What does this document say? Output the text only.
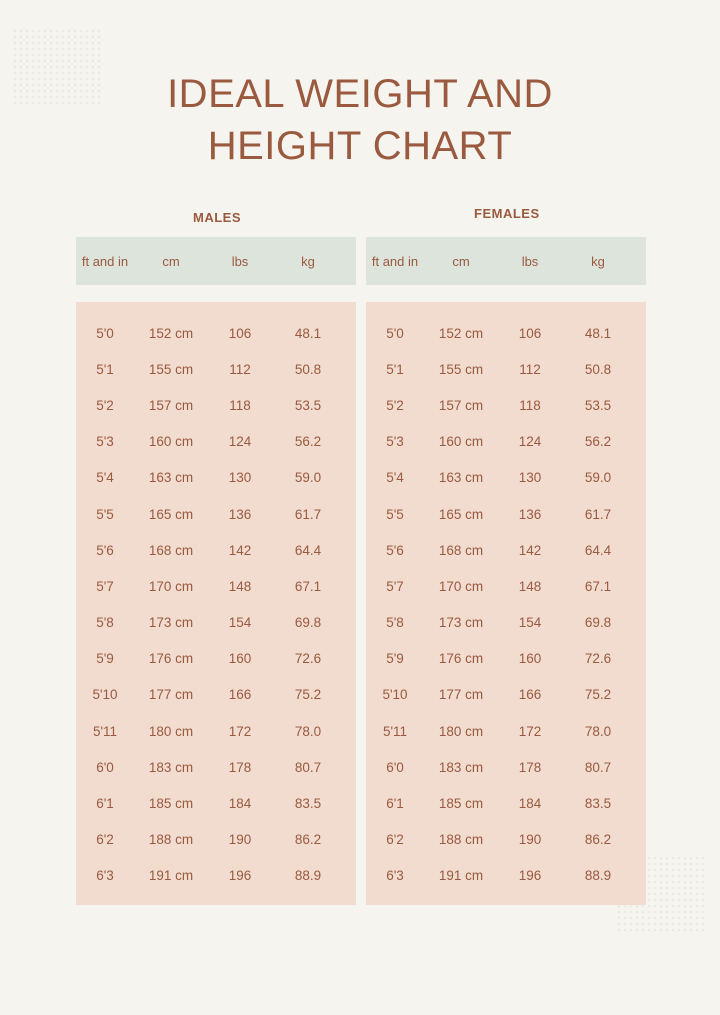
IDEAL WEIGHT AND
HEIGHT CHART
MALES	FEMALES
ft and in	cm	lbs	kg
5'0	152 cm	106	48.1
5'1	155 cm	112	50.8
5'2	157 cm	118	53.5
5'3	160 cm	124	56.2
5'4	163 cm	130	59.0
5'5	165 cm	136	61.7
5'6	168 cm	142	64.4
5'7	170 cm	148	67.1
5'8	173 cm	154	69.8
5'9	176 cm	160	72.6
5'10	177 cm	166	75.2
5'11	180 cm	172	78.0
6'0	183 cm	178	80.7
6'1	185 cm	184	83.5
6'2	188 cm	190	86.2
6'3	191 cm	196	88.9
ft and in	cm	lbs	kg
5'0	152 cm	106	48.1
5'1	155 cm	112	50.8
5'2	157 cm	118	53.5
5'3	160 cm	124	56.2
5'4	163 cm	130	59.0
5'5	165 cm	136	61.7
5'6	168 cm	142	64.4
5'7	170 cm	148	67.1
5'8	173 cm	154	69.8
5'9	176 cm	160	72.6
5'10	177 cm	166	75.2
5'11	180 cm	172	78.0
6'0	183 cm	178	80.7
6'1	185 cm	184	83.5
6'2	188 cm	190	86.2
6'3	191 cm	196	88.9
